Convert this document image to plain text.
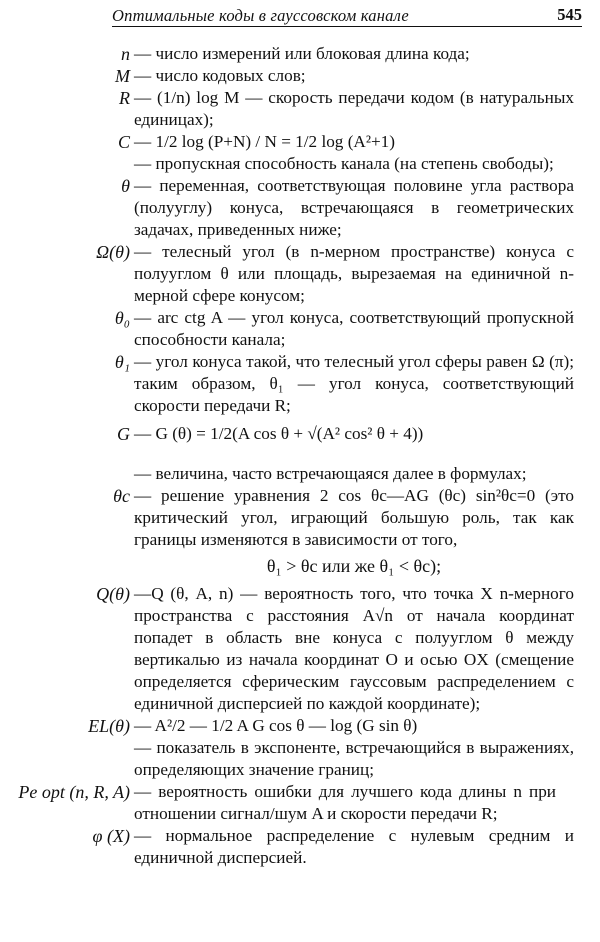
Оптимальные коды в гауссовском канале	545
n — число измерений или блоковая длина кода;
M — число кодовых слов;
R — (1/n) log M — скорость передачи кодом (в натуральных единицах);
C — 1/2 log (P+N) / N = 1/2 log (A²+1)
— пропускная способность канала (на степень свободы);
θ — переменная, соответствующая половине угла раствора (полууглу) конуса, встречающаяся в геометрических задачах, приведенных ниже;
Ω(θ) — телесный угол (в n-мерном пространстве) конуса с полууглом θ или площадь, вырезаемая на единичной n-мерной сфере конусом;
θ₀ — arc ctg A — угол конуса, соответствующий пропускной способности канала;
θ₁ — угол конуса такой, что телесный угол сферы равен Ω (π); таким образом, θ₁ — угол конуса, соответствующий скорости передачи R;
G — G (θ) = 1/2(A cos θ + √(A² cos² θ + 4))
— величина, часто встречающаяся далее в формулах;
θc — решение уравнения 2 cos θc—AG (θc) sin²θc=0 (это критический угол, играющий большую роль, так как границы изменяются в зависимости от того,
θ₁ > θc или же θ₁ < θc);
Q(θ) —Q (θ, A, n) — вероятность того, что точка X n-мерного пространства с расстояния A√n от начала координат попадет в область вне конуса с полууглом θ между вертикалью из начала координат O и осью OX (смещение определяется сферическим гауссовым распределением с единичной дисперсией по каждой координате);
EL(θ) — A²/2 — 1/2 A G cos θ — log (G sin θ)
— показатель в экспоненте, встречающийся в выражениях, определяющих значение границ;
Pe opt (n, R, A) — вероятность ошибки для лучшего кода длины n при отношении сигнал/шум A и скорости передачи R;
φ (X) — нормальное распределение с нулевым средним и единичной дисперсией.
